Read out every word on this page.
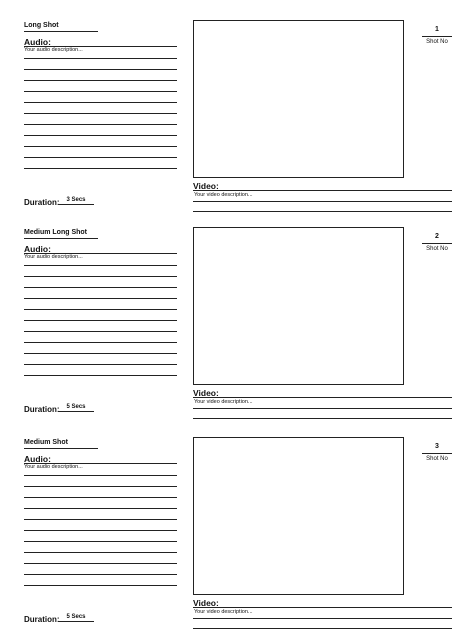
Long Shot
Audio:
Your audio description...
Duration:	3 Secs
Video:
Your video description...
1
Shot No
Medium Long Shot
Audio:
Your audio description...
Duration:	5 Secs
Video:
Your video description...
2
Shot No
Medium Shot
Audio:
Your audio description...
Duration:	5 Secs
Video:
Your video description...
3
Shot No
